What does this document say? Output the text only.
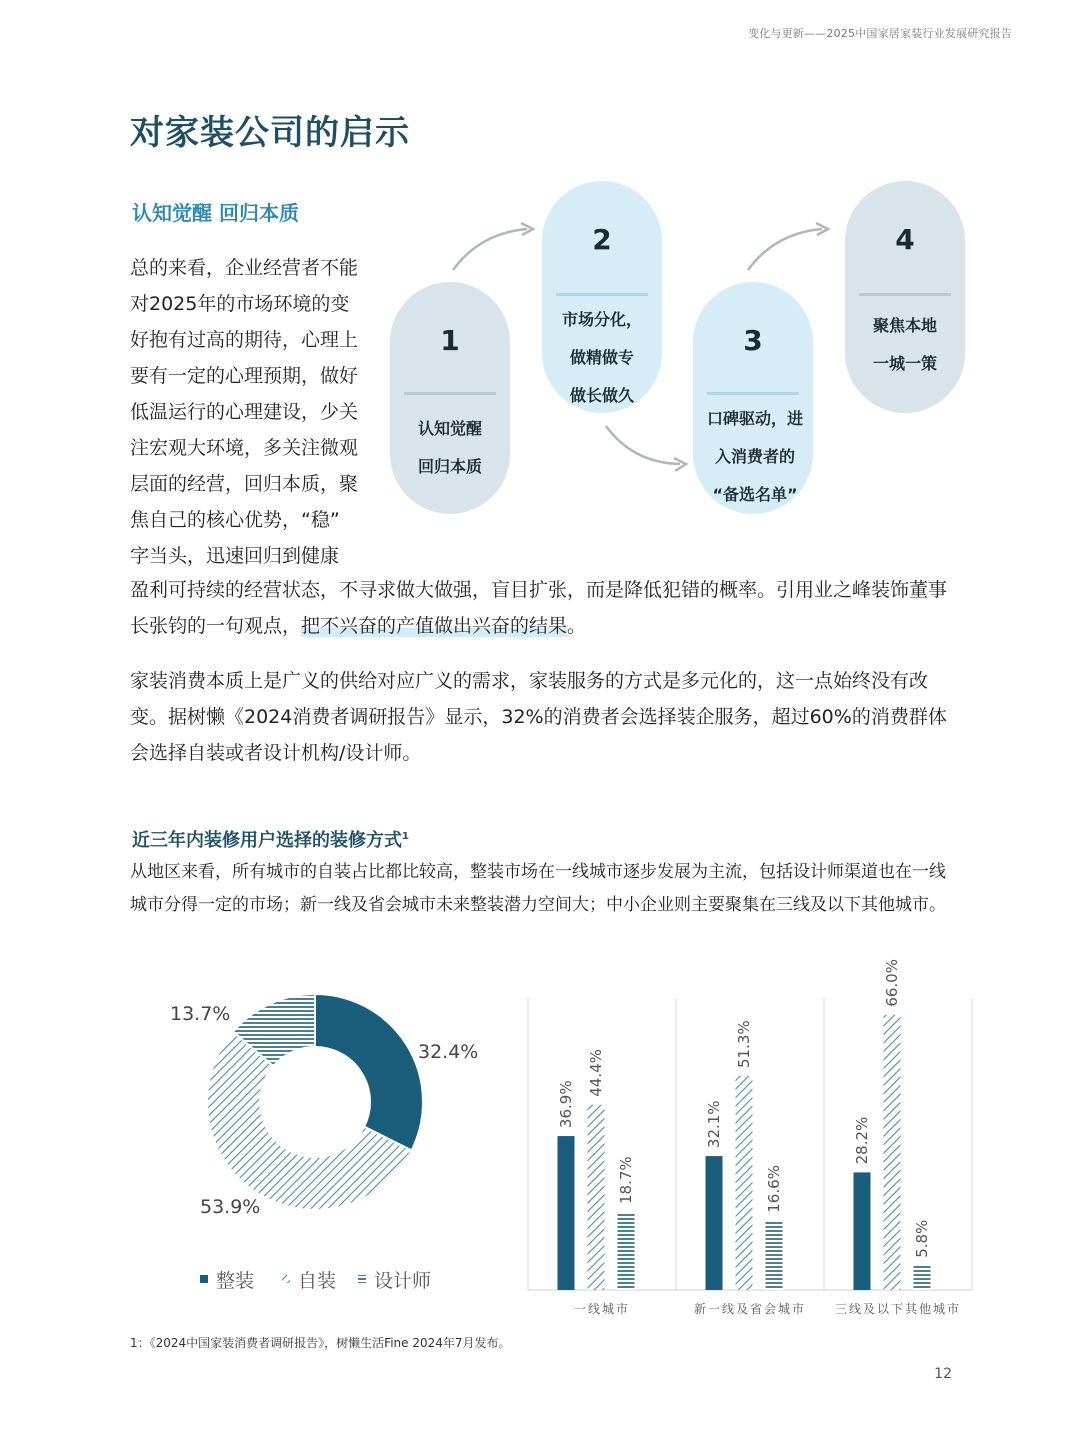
变化与更新——2025中国家居家装行业发展研究报告
对家装公司的启示
认知觉醒 回归本质
总的来看，企业经营者不能
对2025年的市场环境的变
好抱有过高的期待，心理上
要有一定的心理预期，做好
低温运行的心理建设，少关
注宏观大环境，多关注微观
层面的经营，回归本质，聚
焦自己的核心优势，“稳”
字当头，迅速回归到健康

盈利可持续的经营状态，不寻求做大做强，盲目扩张，而是降低犯错的概率。引用业之峰装饰董事长张钧的一句观点，把不兴奋的产值做出兴奋的结果。

家装消费本质上是广义的供给对应广义的需求，家装服务的方式是多元化的，这一点始终没有改变。据树懒《2024消费者调研报告》显示，32%的消费者会选择装企服务，超过60%的消费群体会选择自装或者设计机构/设计师。

1
认知觉醒
回归本质
2
市场分化，
做精做专
做长做久
3
口碑驱动，进
入消费者的
“备选名单”
4
聚焦本地
一城一策
近三年内装修用户选择的装修方式$^1$

从地区来看，所有城市的自装占比都比较高，整装市场在一线城市逐步发展为主流，包括设计师渠道也在一线城市分得一定的市场；新一线及省会城市未来整装潜力空间大；中小企业则主要聚集在三线及以下其他城市。

32.4%
53.9%
13.7%
整装 自装 设计师
36.9%
44.4%
18.7%
32.1%
51.3%
16.6%
28.2%
66.0%
5.8%
一线城市	新一线及省会城市 三线及以下其他城市
1：《2024中国家装消费者调研报告》，树懒生活Fine 2024年7月发布。
12
